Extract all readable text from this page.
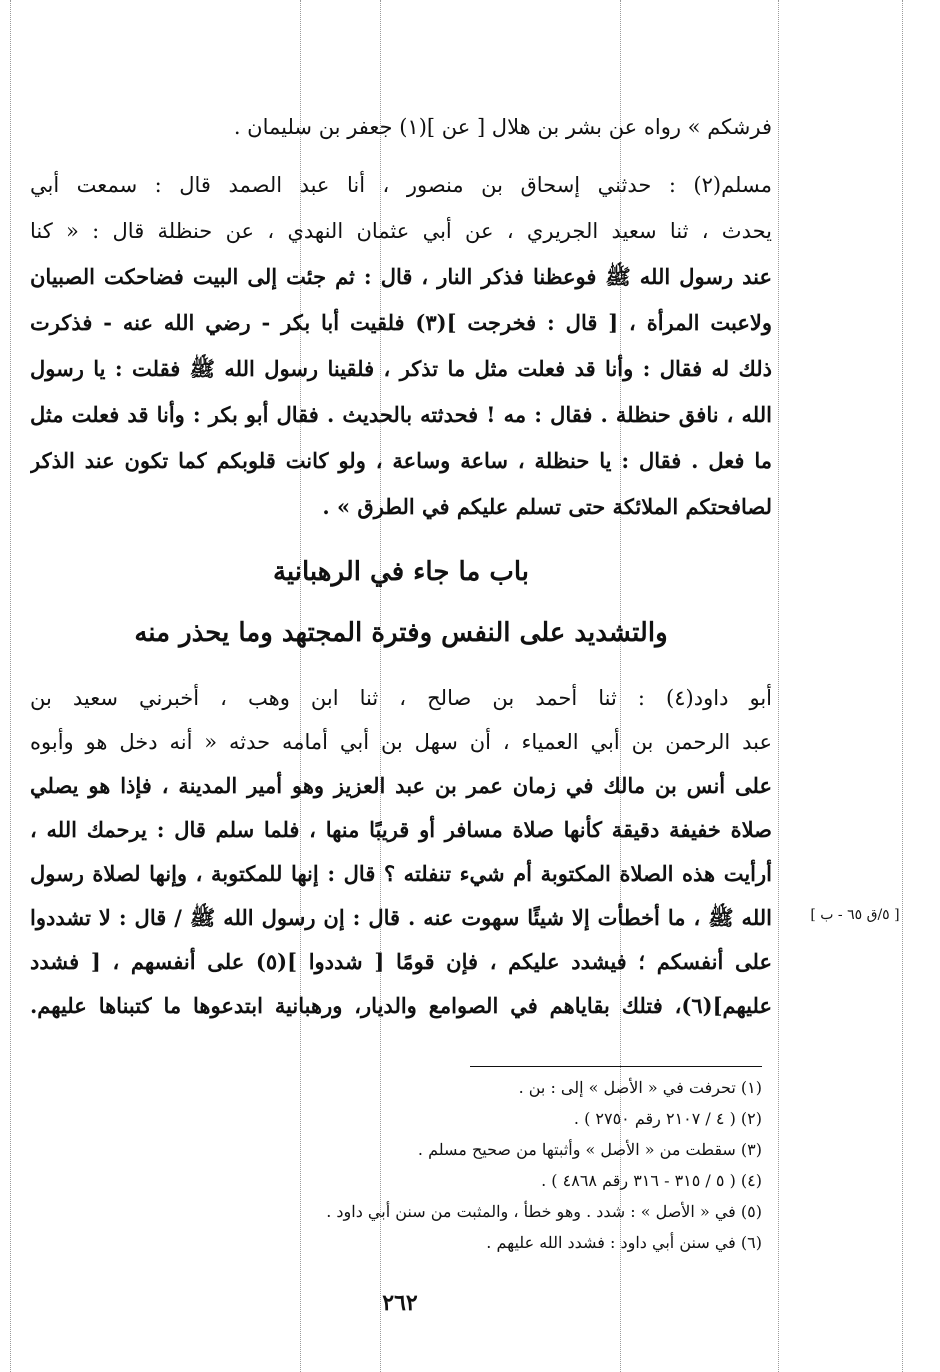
فرشكم » رواه عن بشر بن هلال [ عن ](١) جعفر بن سليمان .
مسلم(٢) : حدثني إسحاق بن منصور ، أنا عبد الصمد قال : سمعت أبي
يحدث ، ثنا سعيد الجريري ، عن أبي عثمان النهدي ، عن حنظلة قال : « كنا
عند رسول الله ﷺ فوعظنا فذكر النار ، قال : ثم جئت إلى البيت فضاحكت الصبيان
ولاعبت المرأة ، [ قال : فخرجت ](٣) فلقيت أبا بكر - رضي الله عنه - فذكرت
ذلك له فقال : وأنا قد فعلت مثل ما تذكر ، فلقينا رسول الله ﷺ فقلت : يا رسول
الله ، نافق حنظلة . فقال : مه ! فحدثته بالحديث . فقال أبو بكر : وأنا قد فعلت مثل
ما فعل . فقال : يا حنظلة ، ساعة وساعة ، ولو كانت قلوبكم كما تكون عند الذكر
لصافحتكم الملائكة حتى تسلم عليكم في الطرق » .
باب ما جاء في الرهبانية
والتشديد على النفس وفترة المجتهد وما يحذر منه
أبو داود(٤) : ثنا أحمد بن صالح ، ثنا ابن وهب ، أخبرني سعيد بن
عبد الرحمن بن أبي العمياء ، أن سهل بن أبي أمامه حدثه « أنه دخل هو وأبوه
على أنس بن مالك في زمان عمر بن عبد العزيز وهو أمير المدينة ، فإذا هو يصلي
صلاة خفيفة دقيقة كأنها صلاة مسافر أو قريبًا منها ، فلما سلم قال : يرحمك الله ،
أرأيت هذه الصلاة المكتوبة أم شيء تنفلته ؟ قال : إنها للمكتوبة ، وإنها لصلاة رسول
الله ﷺ ، ما أخطأت إلا شيئًا سهوت عنه . قال : إن رسول الله ﷺ / قال : لا تشددوا
على أنفسكم ؛ فيشدد عليكم ، فإن قومًا [ شددوا ](٥) على أنفسهم ، [ فشدد
عليهم](٦)، فتلك بقاياهم في الصوامع والديار، ورهبانية ابتدعوها ما كتبناها عليهم.
[ ٥/ق ٦٥ - ب ]
(١) تحرفت في « الأصل » إلى : بن .
(٢) ( ٤ / ٢١٠٧ رقم ٢٧٥٠ ) .
(٣) سقطت من « الأصل » وأثبتها من صحيح مسلم .
(٤) ( ٥ / ٣١٥ - ٣١٦ رقم ٤٨٦٨ ) .
(٥) في « الأصل » : شدد . وهو خطأ ، والمثبت من سنن أبي داود .
(٦) في سنن أبي داود : فشدد الله عليهم .
٢٦٢
